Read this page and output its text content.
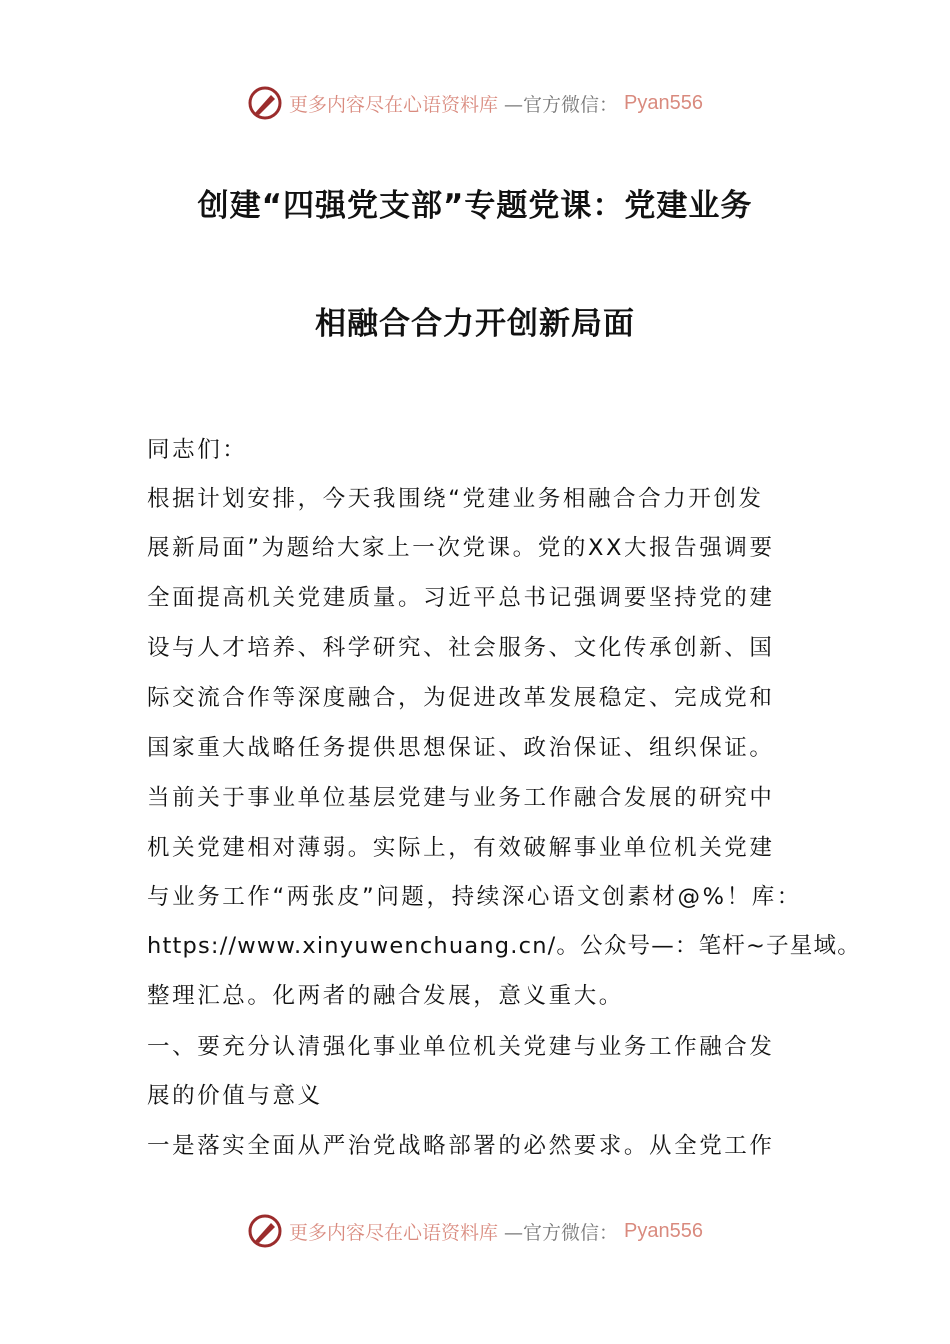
更多内容尽在心语资料库 —官方微信： Pyan556
创建“四强党支部”专题党课：党建业务
相融合合力开创新局面
同志们：
根据计划安排，今天我围绕“党建业务相融合合力开创发
展新局面”为题给大家上一次党课。党的XX大报告强调要
全面提高机关党建质量。习近平总书记强调要坚持党的建
设与人才培养、科学研究、社会服务、文化传承创新、国
际交流合作等深度融合，为促进改革发展稳定、完成党和
国家重大战略任务提供思想保证、政治保证、组织保证。
当前关于事业单位基层党建与业务工作融合发展的研究中
机关党建相对薄弱。实际上，有效破解事业单位机关党建
与业务工作“两张皮”问题，持续深心语文创素材@%！库：
https://www.xinyuwenchuang.cn/。公众号—：笔杆~子星域。
整理汇总。化两者的融合发展，意义重大。
一、要充分认清强化事业单位机关党建与业务工作融合发
展的价值与意义
一是落实全面从严治党战略部署的必然要求。从全党工作
更多内容尽在心语资料库 —官方微信： Pyan556
